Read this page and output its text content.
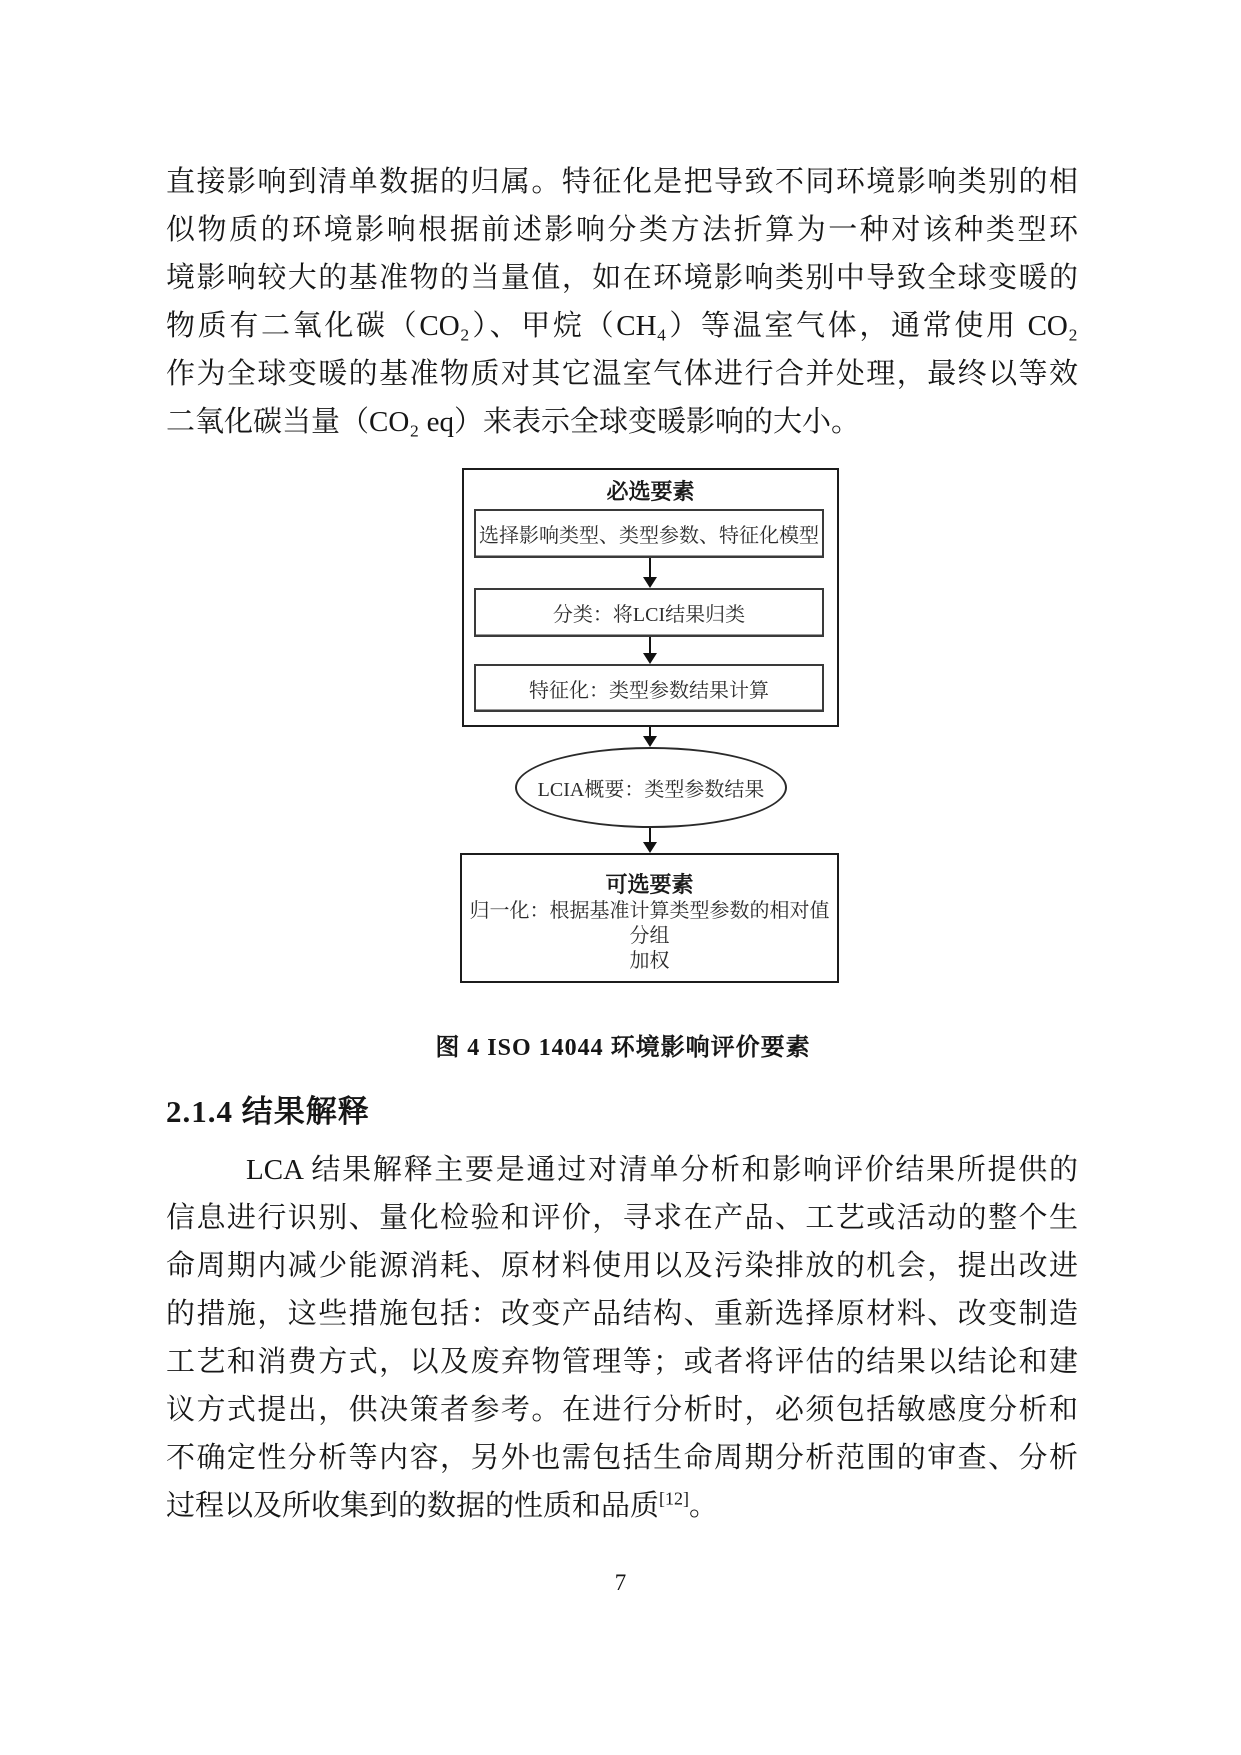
直接影响到清单数据的归属。特征化是把导致不同环境影响类别的相
似物质的环境影响根据前述影响分类方法折算为一种对该种类型环
境影响较大的基准物的当量值，如在环境影响类别中导致全球变暖的
物质有二氧化碳（CO₂）、甲烷（CH₄）等温室气体，通常使用 CO₂
作为全球变暖的基准物质对其它温室气体进行合并处理，最终以等效
二氧化碳当量（CO₂ eq）来表示全球变暖影响的大小。
必选要素
选择影响类型、类型参数、特征化模型
分类：将LCI结果归类
特征化：类型参数结果计算
LCIA概要：类型参数结果
可选要素
归一化：根据基准计算类型参数的相对值
分组
加权
图 4 ISO 14044 环境影响评价要素
2.1.4 结果解释
LCA 结果解释主要是通过对清单分析和影响评价结果所提供的
信息进行识别、量化检验和评价，寻求在产品、工艺或活动的整个生
命周期内减少能源消耗、原材料使用以及污染排放的机会，提出改进
的措施，这些措施包括：改变产品结构、重新选择原材料、改变制造
工艺和消费方式，以及废弃物管理等；或者将评估的结果以结论和建
议方式提出，供决策者参考。在进行分析时，必须包括敏感度分析和
不确定性分析等内容，另外也需包括生命周期分析范围的审查、分析
过程以及所收集到的数据的性质和品质[12]。
7
